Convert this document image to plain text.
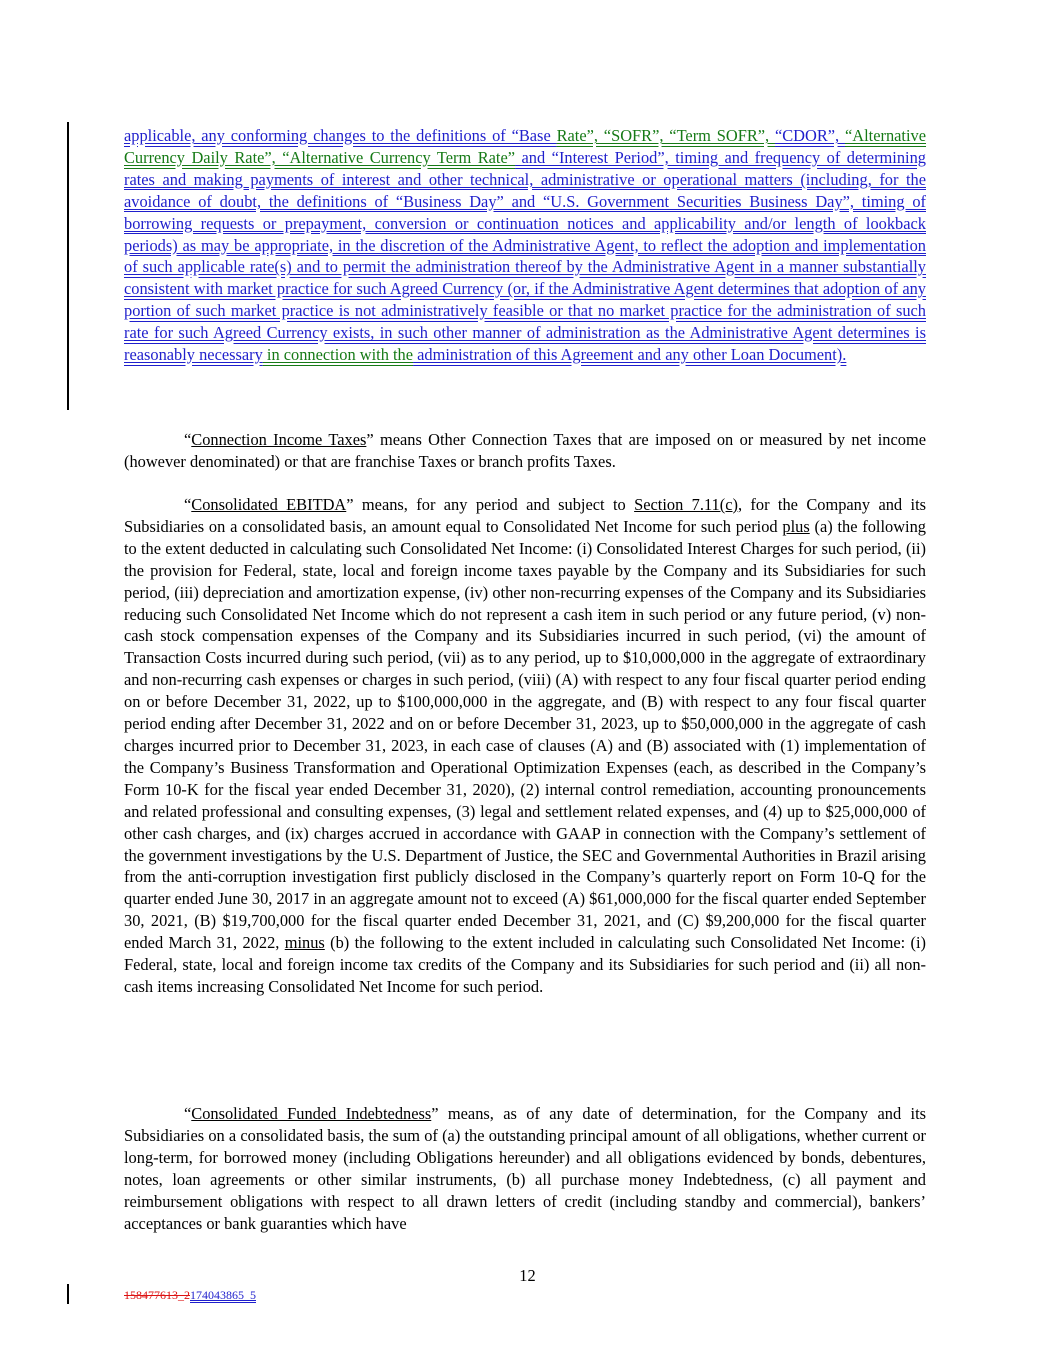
applicable, any conforming changes to the definitions of “Base Rate”, “SOFR”, “Term SOFR”, “CDOR”, “Alternative Currency Daily Rate”, “Alternative Currency Term Rate” and “Interest Period”, timing and frequency of determining rates and making payments of interest and other technical, administrative or operational matters (including, for the avoidance of doubt, the definitions of “Business Day” and “U.S. Government Securities Business Day”, timing of borrowing requests or prepayment, conversion or continuation notices and applicability and/or length of lookback periods) as may be appropriate, in the discretion of the Administrative Agent, to reflect the adoption and implementation of such applicable rate(s) and to permit the administration thereof by the Administrative Agent in a manner substantially consistent with market practice for such Agreed Currency (or, if the Administrative Agent determines that adoption of any portion of such market practice is not administratively feasible or that no market practice for the administration of such rate for such Agreed Currency exists, in such other manner of administration as the Administrative Agent determines is reasonably necessary in connection with the administration of this Agreement and any other Loan Document).

“Connection Income Taxes” means Other Connection Taxes that are imposed on or measured by net income (however denominated) or that are franchise Taxes or branch profits Taxes.

“Consolidated EBITDA” means, for any period and subject to Section 7.11(c), for the Company and its Subsidiaries on a consolidated basis, an amount equal to Consolidated Net Income for such period plus (a) the following to the extent deducted in calculating such Consolidated Net Income: (i) Consolidated Interest Charges for such period, (ii) the provision for Federal, state, local and foreign income taxes payable by the Company and its Subsidiaries for such period, (iii) depreciation and amortization expense, (iv) other non-recurring expenses of the Company and its Subsidiaries reducing such Consolidated Net Income which do not represent a cash item in such period or any future period, (v) non-cash stock compensation expenses of the Company and its Subsidiaries incurred in such period, (vi) the amount of Transaction Costs incurred during such period, (vii) as to any period, up to $10,000,000 in the aggregate of extraordinary and non-recurring cash expenses or charges in such period, (viii) (A) with respect to any four fiscal quarter period ending on or before December 31, 2022, up to $100,000,000 in the aggregate, and (B) with respect to any four fiscal quarter period ending after December 31, 2022 and on or before December 31, 2023, up to $50,000,000 in the aggregate of cash charges incurred prior to December 31, 2023, in each case of clauses (A) and (B) associated with (1) implementation of the Company’s Business Transformation and Operational Optimization Expenses (each, as described in the Company’s Form 10-K for the fiscal year ended December 31, 2020), (2) internal control remediation, accounting pronouncements and related professional and consulting expenses, (3) legal and settlement related expenses, and (4) up to $25,000,000 of other cash charges, and (ix) charges accrued in accordance with GAAP in connection with the Company’s settlement of the government investigations by the U.S. Department of Justice, the SEC and Governmental Authorities in Brazil arising from the anti-corruption investigation first publicly disclosed in the Company’s quarterly report on Form 10-Q for the quarter ended June 30, 2017 in an aggregate amount not to exceed (A) $61,000,000 for the fiscal quarter ended September 30, 2021, (B) $19,700,000 for the fiscal quarter ended December 31, 2021, and (C) $9,200,000 for the fiscal quarter ended March 31, 2022, minus (b) the following to the extent included in calculating such Consolidated Net Income: (i) Federal, state, local and foreign income tax credits of the Company and its Subsidiaries for such period and (ii) all non-cash items increasing Consolidated Net Income for such period.

“Consolidated Funded Indebtedness” means, as of any date of determination, for the Company and its Subsidiaries on a consolidated basis, the sum of (a) the outstanding principal amount of all obligations, whether current or long-term, for borrowed money (including Obligations hereunder) and all obligations evidenced by bonds, debentures, notes, loan agreements or other similar instruments, (b) all purchase money Indebtedness, (c) all payment and reimbursement obligations with respect to all drawn letters of credit (including standby and commercial), bankers’ acceptances or bank guaranties which have

12
158477613_2174043865_5
